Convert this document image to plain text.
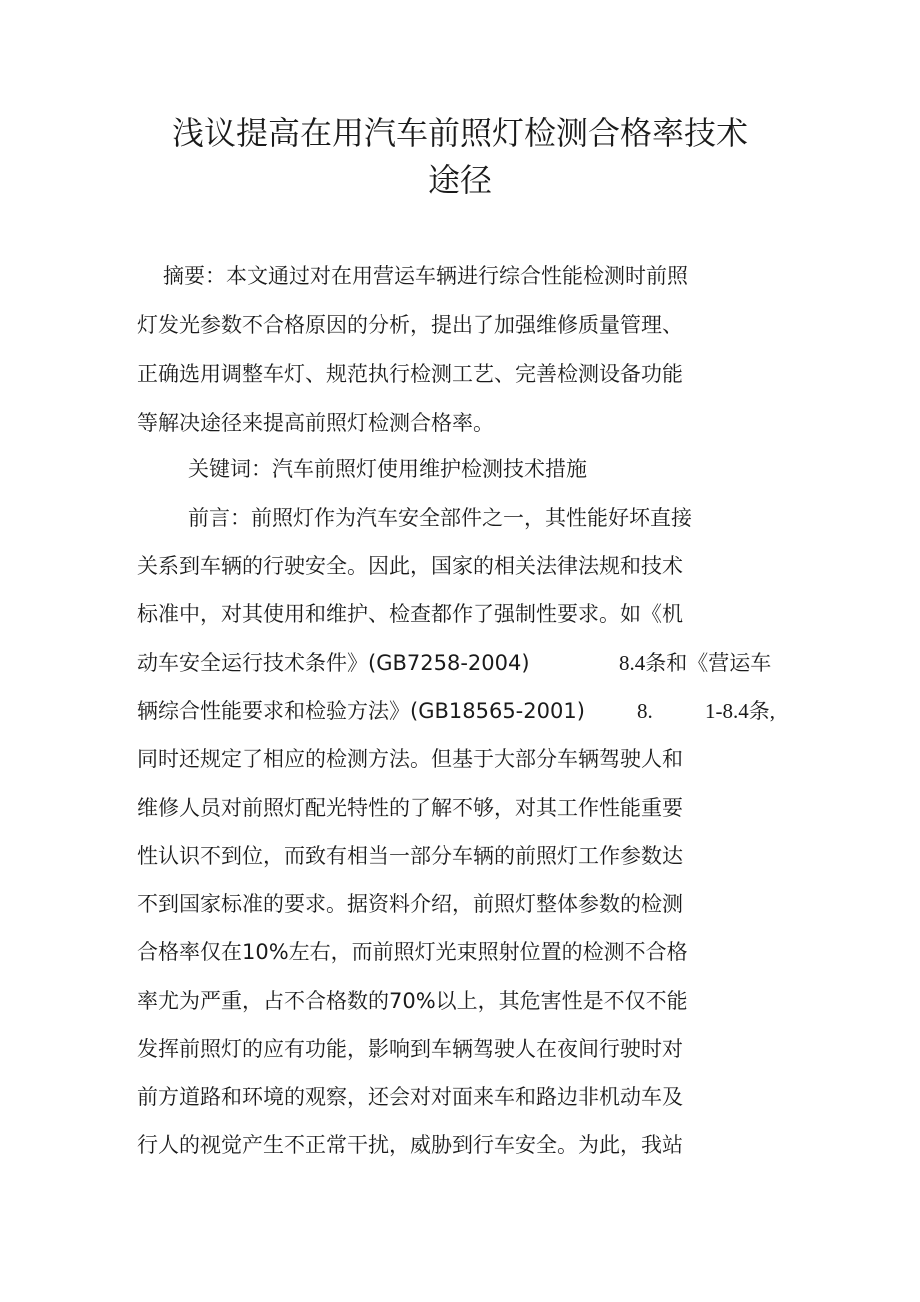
浅议提高在用汽车前照灯检测合格率技术
途径

摘要：本文通过对在用营运车辆进行综合性能检测时前照

灯发光参数不合格原因的分析，提出了加强维修质量管理、

正确选用调整车灯、规范执行检测工艺、完善检测设备功能

等解决途径来提高前照灯检测合格率。

关键词：汽车前照灯使用维护检测技术措施

前言：前照灯作为汽车安全部件之一，其性能好坏直接

关系到车辆的行驶安全。因此，国家的相关法律法规和技术

标准中，对其使用和维护、检查都作了强制性要求。如《机

动车安全运行技术条件》(GB7258-2004)	8.4条和《营运车

辆综合性能要求和检验方法》(GB18565-2001) 8. 1-8.4条,

同时还规定了相应的检测方法。但基于大部分车辆驾驶人和

维修人员对前照灯配光特性的了解不够，对其工作性能重要

性认识不到位，而致有相当一部分车辆的前照灯工作参数达

不到国家标准的要求。据资料介绍，前照灯整体参数的检测

合格率仅在10%左右，而前照灯光束照射位置的检测不合格

率尤为严重，占不合格数的70%以上，其危害性是不仅不能

发挥前照灯的应有功能，影响到车辆驾驶人在夜间行驶时对

前方道路和环境的观察，还会对对面来车和路边非机动车及

行人的视觉产生不正常干扰，威胁到行车安全。为此，我站
